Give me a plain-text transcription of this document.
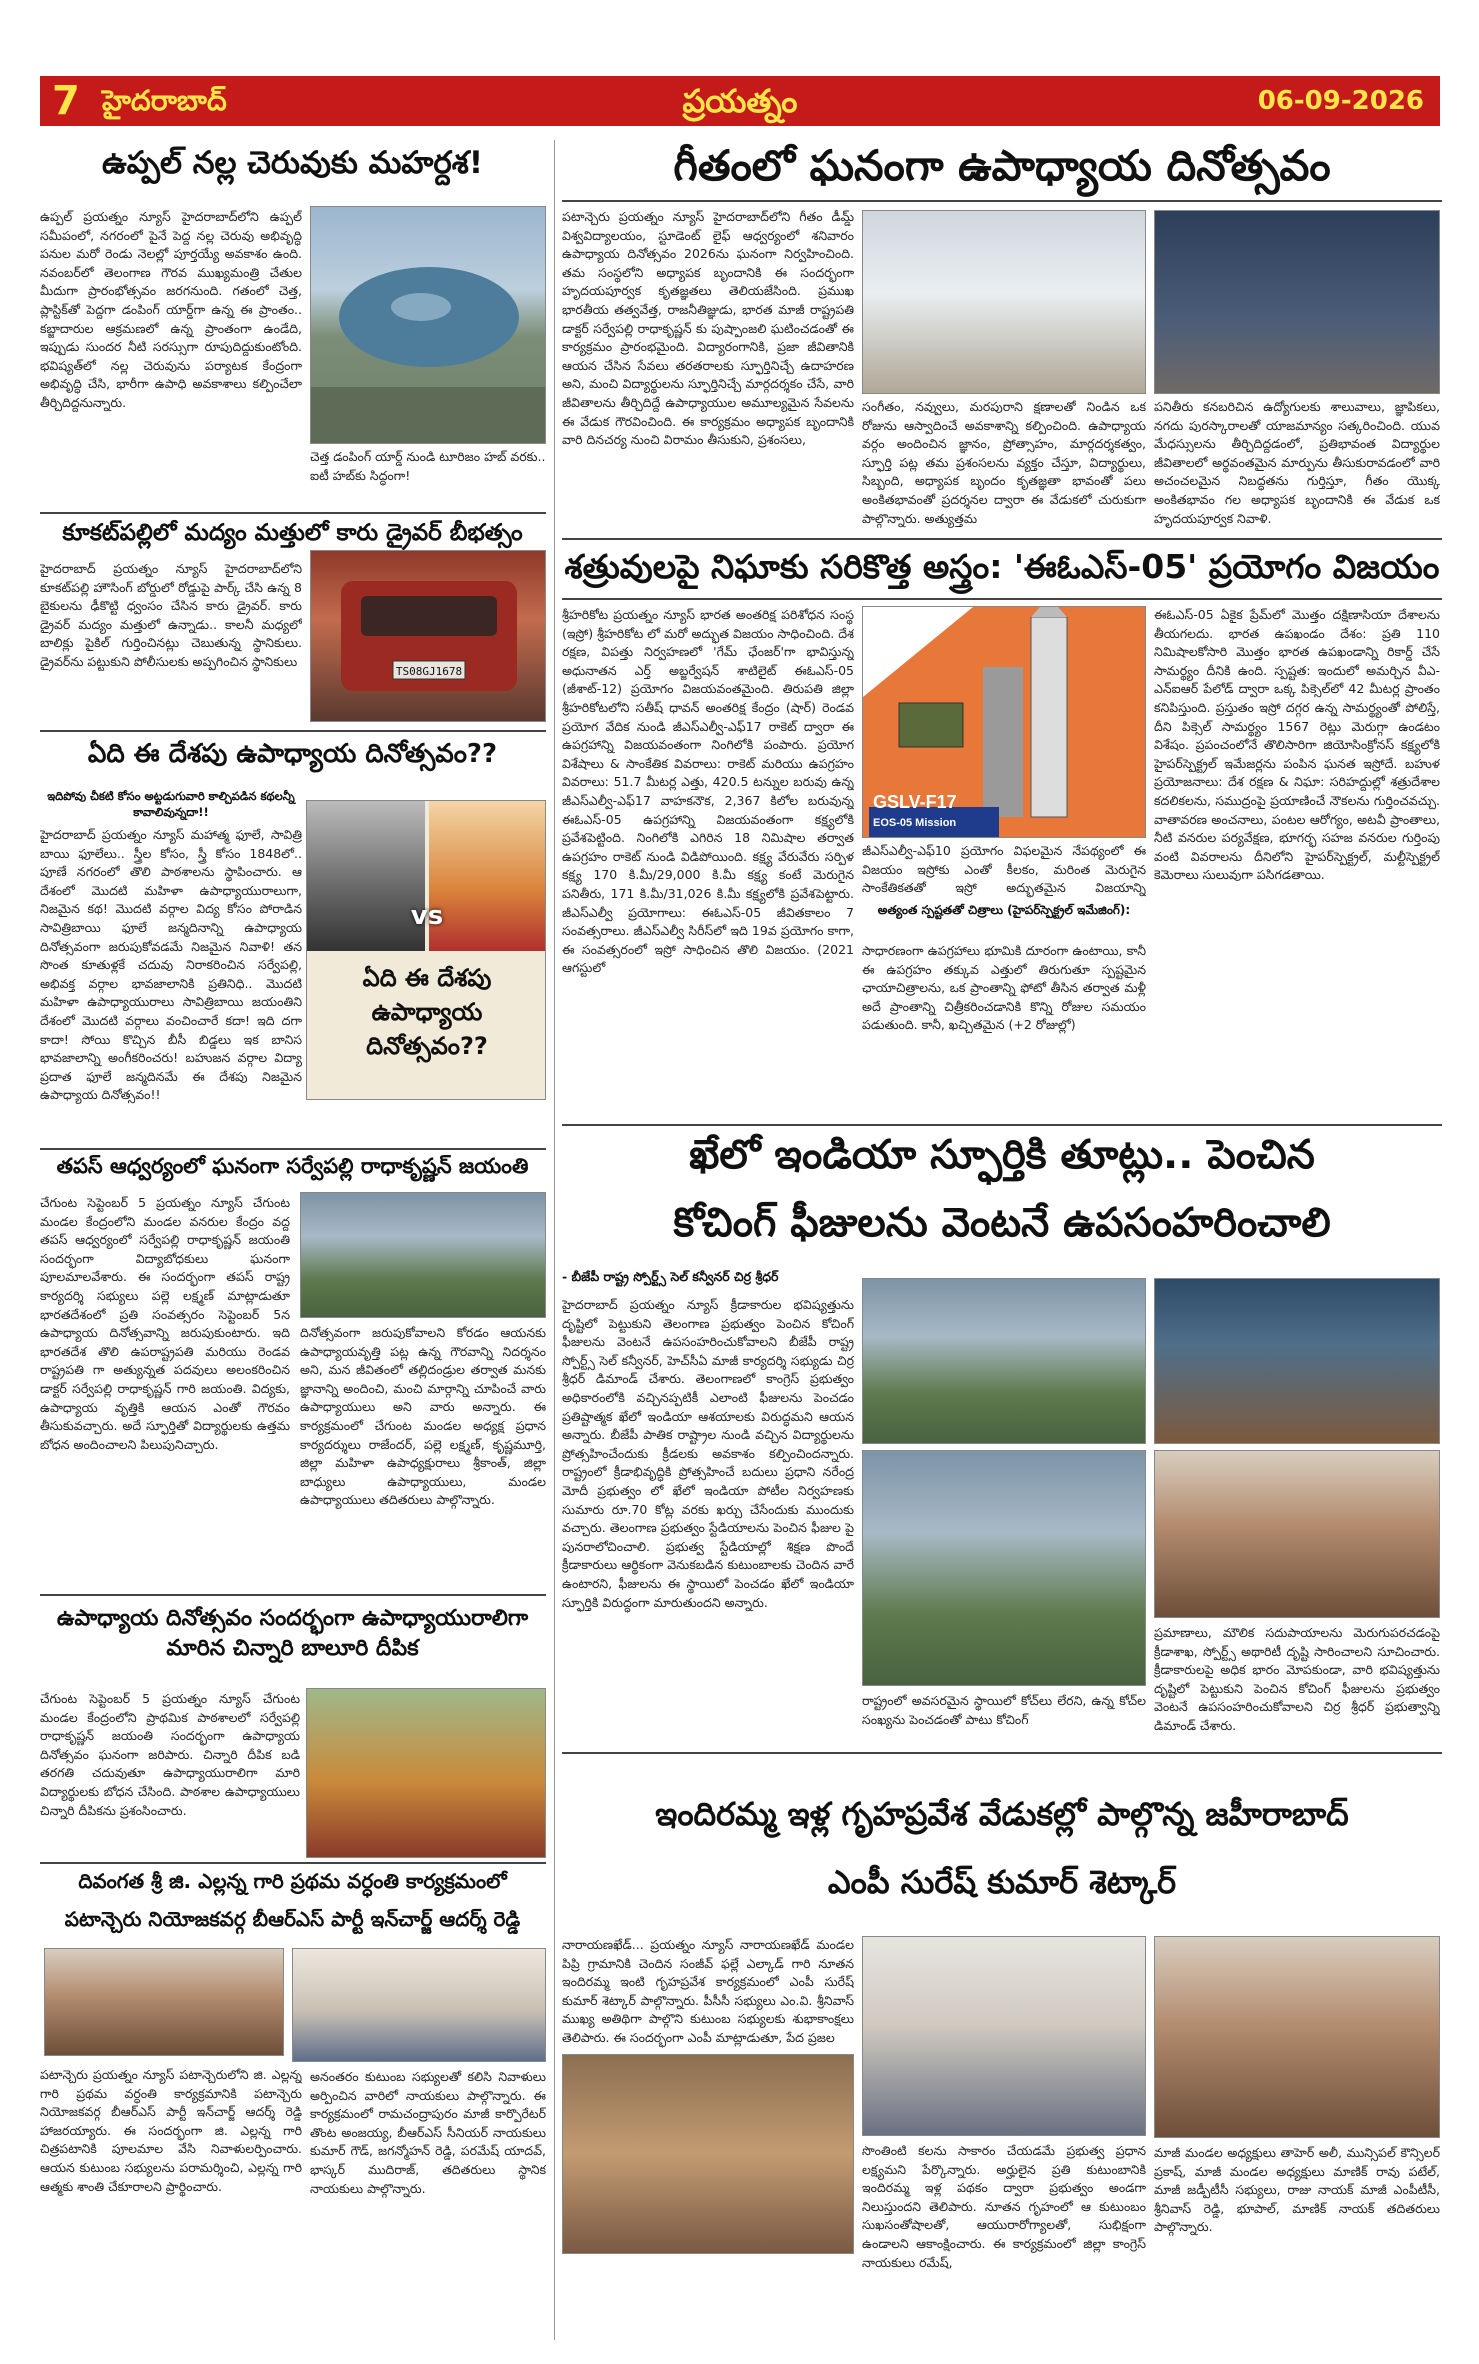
7 హైదరాబాద్	ప్రయత్నం	06-09-2026
ఉప్పల్ నల్ల చెరువుకు మహర్దశ!
ఉప్పల్ ప్రయత్నం న్యూస్ హైదరాబాద్‌లోని ఉప్పల్ సమీపంలో, నగరంలో పైనే పెద్ద నల్ల చెరువు అభివృద్ధి పనుల మరో రెండు నెలల్లో పూర్తయ్యే అవకాశం ఉంది. నవంబర్‌లో తెలంగాణ గౌరవ ముఖ్యమంత్రి చేతుల మీదుగా ప్రారంభోత్సవం జరగనుంది. గతంలో చెత్త, ప్లాస్టిక్‌తో పెద్దగా డంపింగ్ యార్డ్‌గా ఉన్న ఈ ప్రాంతం.. కబ్జాదారుల ఆక్రమణలో ఉన్న ప్రాంతంగా ఉండేది, ఇప్పుడు సుందర నీటి సరస్సుగా రూపుదిద్దుకుంటోంది. భవిష్యత్‌లో నల్ల చెరువును పర్యాటక కేంద్రంగా అభివృద్ధి చేసి, భారీగా ఉపాధి అవకాశాలు కల్పించేలా తీర్చిదిద్దనున్నారు.
చెత్త డంపింగ్ యార్డ్ నుండి టూరిజం హబ్ వరకు.. ఐటీ హబ్‌కు సిద్ధంగా!
కూకట్‌పల్లిలో మద్యం మత్తులో కారు డ్రైవర్ బీభత్సం
హైదరాబాద్ ప్రయత్నం న్యూస్ హైదరాబాద్‌లోని కూకట్‌పల్లి హౌసింగ్ బోర్డులో రోడ్డుపై పార్క్ చేసి ఉన్న 8 బైకులను ఢీకొట్టి ధ్వంసం చేసిన కారు డ్రైవర్. కారు డ్రైవర్ మద్యం మత్తులో ఉన్నాడు.. కాలనీ మధ్యలో బాలిక్లు పైకిల్ గుర్తించినట్లు చెబుతున్న స్థానికులు. డ్రైవర్‌ను పట్టుకుని పోలీసులకు అప్పగించిన స్థానికులు
TS08GJ1678
ఏది ఈ దేశపు ఉపాధ్యాయ దినోత్సవం??
ఇదిపోవు చీకటి కోసం అట్టడుగువారి కాల్చిపడిన కథలన్నీ కావాలివున్నదా!!
హైదరాబాద్ ప్రయత్నం న్యూస్ మహాత్మ ఫూలే, సావిత్రి బాయి ఫూలేలు.. స్త్రీల కోసం, స్త్రీ కోసం 1848లో.. పూణే నగరంలో తొలి పాఠశాలను స్థాపించారు. ఆ దేశంలో మొదటి మహిళా ఉపాధ్యాయురాలుగా, నిజమైన కథ! మొదటి వర్గాల విద్య కోసం పోరాడిన సావిత్రిబాయి ఫూలే జన్మదినాన్ని ఉపాధ్యాయ దినోత్సవంగా జరుపుకోవడమే నిజమైన నివాళి! తన సొంత కూతుళ్లకే చదువు నిరాకరించిన సర్వేపల్లి, అభివక్త వర్గాల భావజాలానికి ప్రతినిధి.. మొదటి మహిళా ఉపాధ్యాయురాలు సావిత్రిబాయి జయంతిని దేశంలో మొదటి వర్గాలు వంచించారే కదా! ఇది దగా కాదా! సోయి కొచ్చిన బీసీ బిడ్డలు ఇక బానిస భావజాలాన్ని అంగీకరించరు! బహుజన వర్గాల విద్యా ప్రదాత ఫూలే జన్మదినమే ఈ దేశపు నిజమైన ఉపాధ్యాయ దినోత్సవం!!
vs
ఏది ఈ దేశపు ఉపాధ్యాయ దినోత్సవం??
తపస్ ఆధ్వర్యంలో ఘనంగా సర్వేపల్లి రాధాకృష్ణన్ జయంతి
చేగుంట సెప్టెంబర్ 5 ప్రయత్నం న్యూస్ చేగుంట మండల కేంద్రంలోని మండల వనరుల కేంద్రం వద్ద తపస్ ఆధ్వర్యంలో సర్వేపల్లి రాధాకృష్ణన్ జయంతి సందర్భంగా విద్యాబోధకులు ఘనంగా పూలమాలవేశారు. ఈ సందర్భంగా తపస్ రాష్ట్ర కార్యదర్శి సభ్యులు పల్లె లక్ష్మణ్ మాట్లాడుతూ భారతదేశంలో ప్రతి సంవత్సరం సెప్టెంబర్ 5న ఉపాధ్యాయ దినోత్సవాన్ని జరుపుకుంటారు. ఇది భారతదేశ తొలి ఉపరాష్ట్రపతి మరియు రెండవ రాష్ట్రపతి గా అత్యున్నత పదవులు అలంకరించిన డాక్టర్ సర్వేపల్లి రాధాకృష్ణన్ గారి జయంతి. విద్యకు, ఉపాధ్యాయ వృత్తికి ఆయన ఎంతో గౌరవం తీసుకువచ్చారు. అదే స్ఫూర్తితో విద్యార్థులకు ఉత్తమ బోధన అందించాలని పిలుపునిచ్చారు.
దినోత్సవంగా జరుపుకోవాలని కోరడం ఆయనకు ఉపాధ్యాయవృత్తి పట్ల ఉన్న గౌరవాన్ని నిదర్శనం అని, మన జీవితంలో తల్లిదండ్రుల తర్వాత మనకు జ్ఞానాన్ని అందించి, మంచి మార్గాన్ని చూపించే వారు ఉపాధ్యాయులు అని వారు అన్నారు. ఈ కార్యక్రమంలో చేగుంట మండల అధ్యక్ష ప్రధాన కార్యదర్శులు రాజేందర్, పల్లె లక్ష్మణ్, కృష్ణమూర్తి, జిల్లా మహిళా ఉపాధ్యక్షురాలు శ్రీకాంత్, జిల్లా బాధ్యులు ఉపాధ్యాయులు, మండల ఉపాధ్యాయులు తదితరులు పాల్గొన్నారు.
ఉపాధ్యాయ దినోత్సవం సందర్భంగా ఉపాధ్యాయురాలిగా మారిన చిన్నారి బాలూరి దీపిక
చేగుంట సెప్టెంబర్ 5 ప్రయత్నం న్యూస్ చేగుంట మండల కేంద్రంలోని ప్రాథమిక పాఠశాలలో సర్వేపల్లి రాధాకృష్ణన్ జయంతి సందర్భంగా ఉపాధ్యాయ దినోత్సవం ఘనంగా జరిపారు. చిన్నారి దీపిక బడి తరగతి చదువుతూ ఉపాధ్యాయురాలిగా మారి విద్యార్థులకు బోధన చేసింది. పాఠశాల ఉపాధ్యాయులు చిన్నారి దీపికను ప్రశంసించారు.
దివంగత శ్రీ జి. ఎల్లన్న గారి ప్రథమ వర్ధంతి కార్యక్రమంలో
పటాన్చెరు నియోజకవర్గ బీఆర్ఎస్ పార్టీ ఇన్‌చార్జ్ ఆదర్శ్ రెడ్డి
పటాన్చెరు ప్రయత్నం న్యూస్ పటాన్చెరు‌లోని జి. ఎల్లన్న గారి ప్రథమ వర్ధంతి కార్యక్రమానికి పటాన్చెరు నియోజకవర్గ బీఆర్ఎస్ పార్టీ ఇన్‌చార్జ్ ఆదర్శ్ రెడ్డి హాజరయ్యారు. ఈ సందర్భంగా జి. ఎల్లన్న గారి చిత్రపటానికి పూలమాల వేసి నివాళులర్పించారు. ఆయన కుటుంబ సభ్యులను పరామర్శించి, ఎల్లన్న గారి ఆత్మకు శాంతి చేకూరాలని ప్రార్థించారు.
అనంతరం కుటుంబ సభ్యులతో కలిసి నివాళులు అర్పించిన వారిలో నాయకులు పాల్గొన్నారు. ఈ కార్యక్రమంలో రామచంద్రాపురం మాజీ కార్పొరేటర్ తొంట అంజయ్య, బీఆర్ఎస్ సీనియర్ నాయకులు కుమార్ గౌడ్, జగన్మోహన్ రెడ్డి, పరమేష్ యాదవ్, భాస్కర్ ముదిరాజ్, తదితరులు స్థానిక నాయకులు పాల్గొన్నారు.
గీతంలో ఘనంగా ఉపాధ్యాయ దినోత్సవం
పటాన్చెరు ప్రయత్నం న్యూస్ హైదరాబాద్‌లోని గీతం డీమ్డ్ విశ్వవిద్యాలయం, స్టూడెంట్ లైఫ్ ఆధ్వర్యంలో శనివారం ఉపాధ్యాయ దినోత్సవం 2026ను ఘనంగా నిర్వహించింది. తమ సంస్థలోని అధ్యాపక బృందానికి ఈ సందర్భంగా హృదయపూర్వక కృతజ్ఞతలు తెలియజేసింది. ప్రముఖ భారతీయ తత్వవేత్త, రాజనీతిజ్ఞుడు, భారత మాజీ రాష్ట్రపతి డాక్టర్ సర్వేపల్లి రాధాకృష్ణన్ కు పుష్పాంజలి ఘటించడంతో ఈ కార్యక్రమం ప్రారంభమైంది. విద్యారంగానికి, ప్రజా జీవితానికి ఆయన చేసిన సేవలు తరతరాలకు స్ఫూర్తినిచ్చే ఉదాహరణ అని, మంచి విద్యార్థులను స్ఫూర్తినిచ్చే మార్గదర్శకం చేసే, వారి జీవితాలను తీర్చిదిద్దే ఉపాధ్యాయుల అమూల్యమైన సేవలను ఈ వేడుక గౌరవించింది. ఈ కార్యక్రమం అధ్యాపక బృందానికి వారి దినచర్య నుంచి విరామం తీసుకుని, ప్రశంసలు,
సంగీతం, నవ్వులు, మరపురాని క్షణాలతో నిండిన ఒక రోజును ఆస్వాదించే అవకాశాన్ని కల్పించింది. ఉపాధ్యాయ వర్గం అందించిన జ్ఞానం, ప్రోత్సాహం, మార్గదర్శకత్వం, స్ఫూర్తి పట్ల తమ ప్రశంసలను వ్యక్తం చేస్తూ, విద్యార్థులు, సిబ్బంది, అధ్యాపక బృందం కృతజ్ఞతా భావంతో పలు అంకితభావంతో ప్రదర్శనల ద్వారా ఈ వేడుకలో చురుకుగా పాల్గొన్నారు. అత్యుత్తమ
పనితీరు కనబరిచిన ఉద్యోగులకు శాలువాలు, జ్ఞాపికలు, నగదు పురస్కారాలతో యాజమాన్యం సత్కరించింది. యువ మేధస్సులను తీర్చిదిద్దడంలో, ప్రతిభావంత విద్యార్థుల జీవితాలలో అర్థవంతమైన మార్పును తీసుకురావడంలో వారి అచంచలమైన నిబద్ధతను గుర్తిస్తూ, గీతం యొక్క అంకితభావం గల అధ్యాపక బృందానికి ఈ వేడుక ఒక హృదయపూర్వక నివాళి.
శత్రువులపై నిఘాకు సరికొత్త అస్త్రం: 'ఈఓఎస్-05' ప్రయోగం విజయం
శ్రీహరికోట ప్రయత్నం న్యూస్ భారత అంతరిక్ష పరిశోధన సంస్థ (ఇస్రో) శ్రీహరికోట లో మరో అద్భుత విజయం సాధించింది. దేశ రక్షణ, విపత్తు నిర్వహణలో 'గేమ్ ఛేంజర్'గా భావిస్తున్న అధునాతన ఎర్త్ అబ్జర్వేషన్ శాటిలైట్ ఈఓఎస్-05 (జీశాట్-12) ప్రయోగం విజయవంతమైంది. తిరుపతి జిల్లా శ్రీహరికోటలోని సతీష్ ధావన్ అంతరిక్ష కేంద్రం (షార్) రెండవ ప్రయోగ వేదిక నుండి జీఎస్ఎల్వీ-ఎఫ్17 రాకెట్ ద్వారా ఈ ఉపగ్రహాన్ని విజయవంతంగా నింగిలోకి పంపారు. ప్రయోగ విశేషాలు & సాంకేతిక వివరాలు: రాకెట్ మరియు ఉపగ్రహం వివరాలు: 51.7 మీటర్ల ఎత్తు, 420.5 టన్నుల బరువు ఉన్న జీఎస్ఎల్వీ-ఎఫ్17 వాహకనౌక, 2,367 కిలోల బరువున్న ఈఓఎస్-05 ఉపగ్రహాన్ని విజయవంతంగా కక్ష్యలోకి ప్రవేశపెట్టింది. నింగిలోకి ఎగిరిన 18 నిమిషాల తర్వాత ఉపగ్రహం రాకెట్ నుండి విడిపోయింది. కక్ష్య వేరువేరు సర్పిళ కక్ష్య 170 కి.మీ/29,000 కి.మీ కక్ష్య కంటే మెరుగైన పనితీరు, 171 కి.మీ/31,026 కి.మీ కక్ష్యలోకి ప్రవేశపెట్టారు. జీఎస్ఎల్వీ ప్రయోగాలు: ఈఓఎస్-05 జీవితకాలం 7 సంవత్సరాలు. జీఎస్ఎల్వీ సిరీస్‌లో ఇది 19వ ప్రయోగం కాగా, ఈ సంవత్సరంలో ఇస్రో సాధించిన తొలి విజయం. (2021 ఆగస్టులో
GSLV-F17
EOS-05 Mission
జీఎస్ఎల్వీ-ఎఫ్10 ప్రయోగం విఫలమైన నేపథ్యంలో ఈ విజయం ఇస్రోకు ఎంతో కీలకం, మరింత మెరుగైన సాంకేతికతతో ఇస్రో అద్భుతమైన విజయాన్ని
అత్యంత స్పష్టతతో చిత్రాలు (హైపర్‌స్పెక్ట్రల్ ఇమేజింగ్):
సాధారణంగా ఉపగ్రహాలు భూమికి దూరంగా ఉంటాయి, కానీ ఈ ఉపగ్రహం తక్కువ ఎత్తులో తిరుగుతూ స్పష్టమైన ఛాయాచిత్రాలను, ఒక ప్రాంతాన్ని ఫోటో తీసిన తర్వాత మళ్లీ అదే ప్రాంతాన్ని చిత్రీకరించడానికి కొన్ని రోజుల సమయం పడుతుంది. కానీ, ఖచ్చితమైన (+2 రోజుల్లో)
ఈఓఎస్-05 ఏకైక ప్రేమ్‌లో మొత్తం దక్షిణాసియా దేశాలను తీయగలదు. భారత ఉపఖండం దేశం: ప్రతి 110 నిమిషాలకోసారి మొత్తం భారత ఉపఖండాన్ని రికార్డ్ చేసే సామర్థ్యం దీనికి ఉంది. స్పష్టత: ఇందులో అమర్చిన వీఎ-ఎన్ఐఆర్ పేలోడ్ ద్వారా ఒక్క పిక్సెల్‌లో 42 మీటర్ల ప్రాంతం కనిపిస్తుంది. ప్రస్తుతం ఇస్రో దగ్గర ఉన్న సామర్థ్యంతో పోలిస్తే, దీని పిక్సెల్ సామర్థ్యం 1567 రెట్లు మెరుగ్గా ఉండటం విశేషం. ప్రపంచంలోనే తొలిసారిగా జియోసింక్రోనస్ కక్ష్యలోకి హైపర్‌స్పెక్ట్రల్ ఇమేజర్లను పంపిన ఘనత ఇస్రోదే. బహుళ ప్రయోజనాలు: దేశ రక్షణ & నిఘా: సరిహద్దుల్లో శత్రుదేశాల కదలికలను, సముద్రంపై ప్రయాణించే నౌకలను గుర్తించవచ్చు. వాతావరణ అంచనాలు, పంటల ఆరోగ్యం, అటవీ ప్రాంతాలు, నీటి వనరుల పర్యవేక్షణ, భూగర్భ సహజ వనరుల గుర్తింపు వంటి వివరాలను దీనిలోని హైపర్‌స్పెక్ట్రల్, మల్టీస్పెక్ట్రల్ కెమెరాలు సులువుగా పసిగడతాయి.
ఖేలో ఇండియా స్ఫూర్తికి తూట్లు.. పెంచిన
కోచింగ్ ఫీజులను వెంటనే ఉపసంహరించాలి
- బీజేపీ రాష్ట్ర స్పోర్ట్స్ సెల్ కన్వీనర్ చిర్ర శ్రీధర్
హైదరాబాద్ ప్రయత్నం న్యూస్ క్రీడాకారుల భవిష్యత్తును దృష్టిలో పెట్టుకుని తెలంగాణ ప్రభుత్వం పెంచిన కోచింగ్ ఫీజులను వెంటనే ఉపసంహరించుకోవాలని బీజేపీ రాష్ట్ర స్పోర్ట్స్ సెల్ కన్వీనర్, హెచ్‌సీఏ మాజీ కార్యదర్శి సభ్యుడు చిర్ర శ్రీధర్ డిమాండ్ చేశారు. తెలంగాణలో కాంగ్రెస్ ప్రభుత్వం అధికారంలోకి వచ్చినప్పటికీ ఎలాంటి ఫీజులను పెంచడం ప్రతిష్టాత్మక ఖేలో ఇండియా ఆశయాలకు విరుద్ధమని ఆయన అన్నారు. బీజేపీ పాతిక రాష్ట్రాల నుండి వచ్చిన విద్యార్థులను ప్రోత్సహించేందుకు క్రీడలకు అవకాశం కల్పించిందన్నారు. రాష్ట్రంలో క్రీడాభివృద్ధికి ప్రోత్సహించే బదులు ప్రధాని నరేంద్ర మోదీ ప్రభుత్వం లో ఖేలో ఇండియా పోటీల నిర్వహణకు సుమారు రూ.70 కోట్ల వరకు ఖర్చు చేసేందుకు ముందుకు వచ్చారు. తెలంగాణ ప్రభుత్వం స్టేడియాలను పెంచిన ఫీజుల పై పునరాలోచించాలి. ప్రభుత్వ స్టేడియాల్లో శిక్షణ పొందే క్రీడాకారులు ఆర్థికంగా వెనుకబడిన కుటుంబాలకు చెందిన వారే ఉంటారని, ఫీజులను ఈ స్థాయిలో పెంచడం ఖేలో ఇండియా స్ఫూర్తికి విరుద్ధంగా మారుతుందని అన్నారు.
రాష్ట్రంలో అవసరమైన స్థాయిలో కోచ్‌లు లేరని, ఉన్న కోచ్‌ల సంఖ్యను పెంచడంతో పాటు కోచింగ్
ప్రమాణాలు, మౌలిక సదుపాయాలను మెరుగుపరచడంపై క్రీడాశాఖ, స్పోర్ట్స్ అథారిటీ దృష్టి సారించాలని సూచించారు. క్రీడాకారులపై అధిక భారం మోపకుండా, వారి భవిష్యత్తును దృష్టిలో పెట్టుకుని పెంచిన కోచింగ్ ఫీజులను ప్రభుత్వం వెంటనే ఉపసంహరించుకోవాలని చిర్ర శ్రీధర్ ప్రభుత్వాన్ని డిమాండ్ చేశారు.
ఇందిరమ్మ ఇళ్ల గృహప్రవేశ వేడుకల్లో పాల్గొన్న జహీరాబాద్
ఎంపీ సురేష్ కుమార్ శెట్కార్
నారాయణఖేడ్... ప్రయత్నం న్యూస్ నారాయణఖేడ్ మండల పిప్రి గ్రామానికి చెందిన సంజీవ్ ఫల్లే ఎల్కాడ్ గారి నూతన ఇందిరమ్మ ఇంటి గృహప్రవేశ కార్యక్రమంలో ఎంపీ సురేష్ కుమార్ శెట్కార్ పాల్గొన్నారు. పీసీసీ సభ్యులు ఎం.వి. శ్రీనివాస్ ముఖ్య అతిథిగా పాల్గొని కుటుంబ సభ్యులకు శుభాకాంక్షలు తెలిపారు. ఈ సందర్భంగా ఎంపీ మాట్లాడుతూ, పేద ప్రజల
సొంతింటి కలను సాకారం చేయడమే ప్రభుత్వ ప్రధాన లక్ష్యమని పేర్కొన్నారు. అర్హులైన ప్రతి కుటుంబానికి ఇందిరమ్మ ఇళ్ల పథకం ద్వారా ప్రభుత్వం అండగా నిలుస్తుందని తెలిపారు. నూతన గృహంలో ఆ కుటుంబం సుఖసంతోషాలతో, ఆయురారోగ్యాలతో, సుభిక్షంగా ఉండాలని ఆకాంక్షించారు. ఈ కార్యక్రమంలో జిల్లా కాంగ్రెస్ నాయకులు రమేష్,
మాజీ మండల అధ్యక్షులు తాహెర్ అలీ, మున్సిపల్ కౌన్సిలర్ ప్రకాష్, మాజీ మండల అధ్యక్షులు మాణిక్ రావు పటేల్, మాజీ జడ్పీటీసీ సభ్యులు, రాజు నాయక్ మాజీ ఎంపీటీసీ, శ్రీనివాస్ రెడ్డి, భూపాల్, మాణిక్ నాయక్ తదితరులు పాల్గొన్నారు.
